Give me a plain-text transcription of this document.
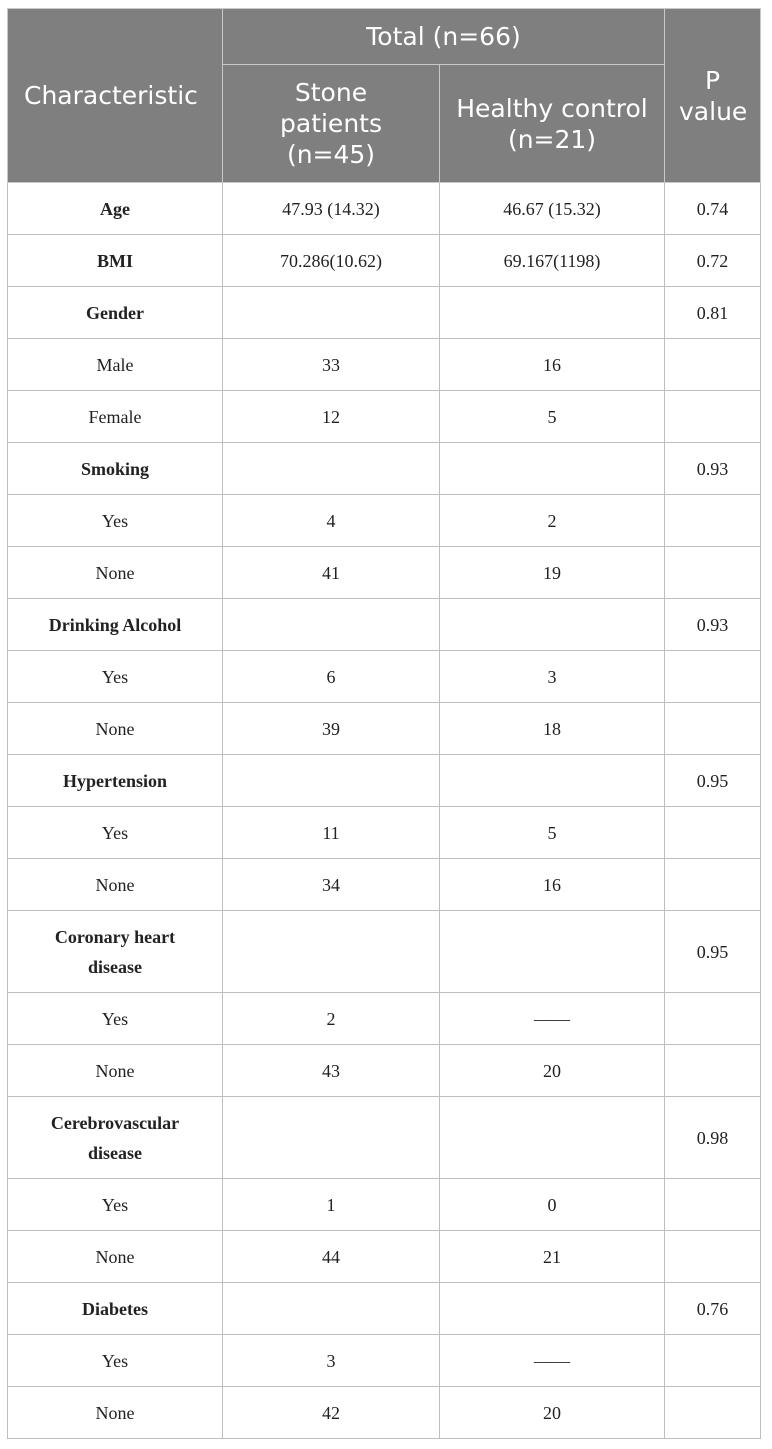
Characteristic	Total (n=66)		P value
	Stone patients (n=45)	Healthy control (n=21)	
Age	47.93 (14.32)	46.67 (15.32)	0.74
BMI	70.286(10.62)	69.167(1198)	0.72
Gender			0.81
Male	33	16	
Female	12	5	
Smoking			0.93
Yes	4	2	
None	41	19	
Drinking Alcohol			0.93
Yes	6	3	
None	39	18	
Hypertension			0.95
Yes	11	5	
None	34	16	
Coronary heart disease			0.95
Yes	2	——	
None	43	20	
Cerebrovascular disease			0.98
Yes	1	0	
None	44	21	
Diabetes			0.76
Yes	3	——	
None	42	20	
